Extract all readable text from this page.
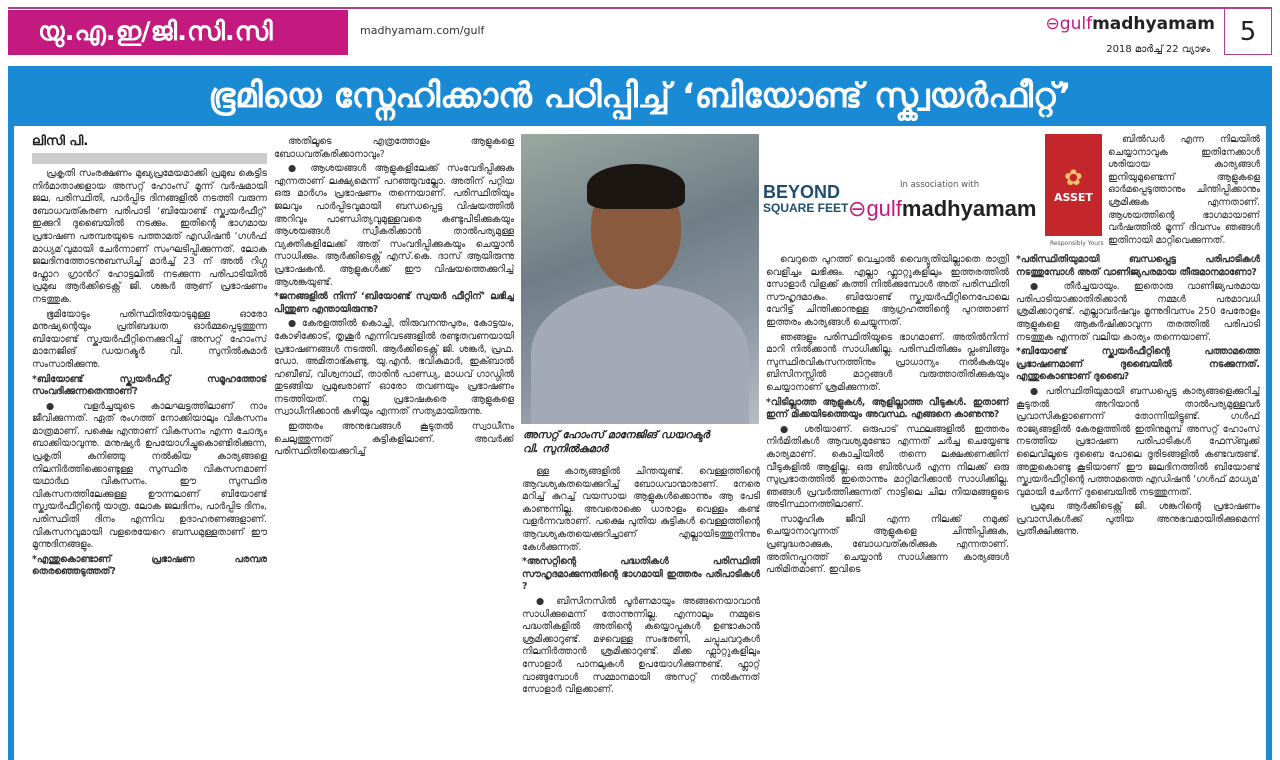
യു.എ.ഇ/ജി.സി.സി	madhyamam.com/gulf	⊖gulfmadhyamam
2018 മാർച്ച് 22 വ്യാഴം
5
ഭൂമിയെ സ്നേഹിക്കാൻ പഠിപ്പിച്ച് ‘ബിയോണ്ട് സ്ക്വയർഫീറ്റ്’
ലിസി പി.

പ്രകൃതി സംരക്ഷണം മുഖ്യപ്രമേയമാക്കി പ്രമുഖ കെട്ടിട നിർമാതാക്കളായ അസറ്റ് ഹോംസ് മൂന്ന് വർഷമായി ജല, പരിസ്ഥിതി, പാർപ്പിട ദിനങ്ങളിൽ നടത്തി വരുന്ന ബോധവത്കരണ പരിപാടി ‘ബിയോണ്ട് സ്ക്വയർഫീറ്റ്’ ഇക്കുറി ദുബൈയിൽ നടക്കും. ഇതിന്റെ ഭാഗമായ പ്രഭാഷണ പരമ്പരയുടെ പത്താമത് എഡിഷൻ ‘ഗൾഫ് മാധ്യമ’വുമായി ചേർന്നാണ് സംഘടിപ്പിക്കുന്നത്. ലോക ജലദിനത്തോടനുബന്ധിച്ച് മാർച്ച് 23 ന് അൽ റിഗ്ഗ ഫ്ലോറ ഗ്രാൻറ് ഹോട്ടലിൽ നടക്കുന്ന പരിപാടിയിൽ പ്രമുഖ ആർക്കിടെക്റ്റ് ജി. ശങ്കർ ആണ് പ്രഭാഷണം നടത്തുക.

ഭൂമിയോടും പരിസ്ഥിതിയോടുമുള്ള ഓരോ മനുഷ്യന്റെയും പ്രതിബദ്ധത ഓർമ്മപ്പെടുത്തുന്ന ബിയോണ്ട് സ്ക്വയർഫീറ്റിനെക്കുറിച്ച് അസറ്റ് ഹോംസ് മാനേജിങ് ഡയറക്ടർ വി. സുനിൽകുമാർ സംസാരിക്കുന്നു.

*ബിയോണ്ട് സ്ക്വയർഫീറ്റ് സമൂഹത്തോട് സംവദിക്കുന്നതെന്താണ്?

● വളർച്ചയുടെ കാലഘട്ടത്തിലാണ് നാം ജീവിക്കുന്നത്. ഏത് രംഗത്ത് നോക്കിയാലും വികസനം മാത്രമാണ്. പക്ഷെ എന്താണ് വികസനം എന്ന ചോദ്യം ബാക്കിയാവുന്നു. മനുഷ്യർ ഉപയോഗിച്ചുകൊണ്ടിരിക്കുന്ന, പ്രകൃതി കനിഞ്ഞു നൽകിയ കാര്യങ്ങളെ നിലനിർത്തിക്കൊണ്ടുള്ള സുസ്ഥിര വികസനമാണ് യഥാർഥ വികസനം. ഈ സുസ്ഥിര വികസനത്തിലേക്കുള്ള ഊന്നലാണ് ബിയോണ്ട് സ്ക്വയർഫീറ്റിന്റെ യാത്ര. ലോക ജലദിനം, പാർപ്പിട ദിനം, പരിസ്ഥിതി ദിനം എന്നിവ ഉദാഹരണങ്ങളാണ്. വികസനവുമായി വളരെയേറെ ബന്ധമുള്ളതാണ് ഈ മൂന്നുദിനങ്ങളും.

*എന്തുകൊണ്ടാണ് പ്രഭാഷണ പരമ്പര തെരഞ്ഞെടുത്തത്?

അതിലൂടെ എത്രത്തോളം ആളുകളെ ബോധവത്കരിക്കാനാവും?

● ആശയങ്ങൾ ആളുകളിലേക്ക് സംവേദിപ്പിക്കുക എന്നതാണ് ലക്ഷ്യമെന്ന് പറഞ്ഞുവല്ലോ. അതിന് പറ്റിയ ഒരു മാർഗം പ്രഭാഷണം തന്നെയാണ്. പരിസ്ഥിതിയും ജലവും പാർപ്പിടവുമായി ബന്ധപ്പെട്ട വിഷയത്തിൽ അറിവും പാണ്ഡിത്യവുമുള്ളവരെ കണ്ടുപിടിക്കുകയും ആശയങ്ങൾ സ്വീകരിക്കാൻ താൽപര്യമുള്ള വ്യക്തികളിലേക്ക് അത് സംവദിപ്പിക്കുകയും ചെയ്യാൻ സാധിക്കും. ആർക്കിടെക്റ്റ് എസ്.കെ. ദാസ് ആയിരുന്നു പ്രഭാഷകൻ. ആളുകൾക്ക് ഈ വിഷയത്തെക്കുറിച്ച് ആശങ്കയുണ്ട്.

*ജനങ്ങളിൽ നിന്ന് ‘ബിയോണ്ട് സ്വയർ ഫീറ്റിന്’ ലഭിച്ച പിന്തുണ എന്തായിരുന്നു?

● കേരളത്തിൽ കൊച്ചി, തിരുവനന്തപുരം, കോട്ടയം, കോഴിക്കോട്, തൃശൂർ എന്നിവടങ്ങളിൽ രണ്ടുതവണയായി പ്രഭാഷണങ്ങൾ നടത്തി. ആർക്കിടെക്റ്റ് ജി. ശങ്കർ, പ്രഫ. ഡോ. അമിതാഭ്കുണ്ടു, യു.എൻ. ഭവികുമാർ, ഇക്ബാൽ ഹബീബ്, വിശ്വനാഥ്, താരിൻ പാണ്ഡ്യ, മാധവ് ഗാഡ്ഗിൽ തുടങ്ങിയ പ്രമുഖരാണ് ഓരോ തവണയും പ്രഭാഷണം നടത്തിയത്. നല്ല പ്രഭാഷകരെ ആളുകളെ സ്വാധീനിക്കാൻ കഴിയും എന്നത് സത്യമായിരുന്നു.

ഇത്തരം അനുഭവങ്ങൾ കൂടുതൽ സ്വാധീനം ചെലുത്തുന്നത് കുട്ടികളിലാണ്. അവർക്ക് പരിസ്ഥിതിയെക്കുറിച്ച്

അസറ്റ് ഹോംസ് മാനേജിങ് ഡയറക്ടർ
വി. സുനിൽകുമാർ

ള്ള കാര്യങ്ങളിൽ ചിന്തയുണ്ട്. വെള്ളത്തിന്റെ ആവശ്യകതയെക്കുറിച്ച് ബോധവാന്മാരാണ്. നേരെ മറിച്ച് കുറച്ച് വയസായ ആളുകൾക്കൊന്നും ആ പേടി കാണുന്നില്ല. അവരൊക്കെ ധാരാളം വെള്ളം കണ്ട് വളർന്നവരാണ്. പക്ഷെ പുതിയ കുട്ടികൾ വെള്ളത്തിന്റെ ആവശ്യകതയെക്കുറിച്ചാണ് എല്ലായിടത്തുനിന്നും കേൾക്കുന്നത്.

*അസറ്റിന്റെ പദ്ധതികൾ പരിസ്ഥിതി സൗഹൃദമാക്കുന്നതിന്റെ ഭാഗമായി ഇത്തരം പരിപാടികൾ ?

● ബിസിനസിൽ പൂർണമായും അങ്ങനെയാവാൻ സാധിക്കുമെന്ന് തോന്നുന്നില്ല. എന്നാലും നമ്മുടെ പദ്ധതികളിൽ അതിന്റെ കയ്യൊപ്പുകൾ ഉണ്ടാകാൻ ശ്രമിക്കാറുണ്ട്. മഴവെള്ള സംഭരണി, ചപ്പുചവറുകൾ നിലനിർത്താൻ ശ്രമിക്കാറുണ്ട്. മിക്ക ഫ്ലാറ്റുകളിലും സോളാർ പാനലുകൾ ഉപയോഗിക്കുന്നുണ്ട്. ഫ്ലാറ്റ് വാങ്ങുമ്പോൾ സമ്മാനമായി അസറ്റ് നൽകുന്നത് സോളാർ വിളക്കാണ്.

BEYOND
SQUARE FEET
In association with
⊖gulfmadhyamam
✿
ASSET
Responsibly Yours

വെറുതെ പുറത്ത് വെച്ചാൽ വൈദ്യുതിയില്ലാതെ രാത്രി വെളിച്ചം ലഭിക്കും. എല്ലാ ഫ്ലാറ്റുകളിലും ഇത്തരത്തിൽ സോളാർ വിളക്ക് കത്തി നിൽക്കുമ്പോൾ അത് പരിസ്ഥിതി സൗഹൃദമാകും. ബിയോണ്ട് സ്ക്വയർഫീറ്റിനെപോലെ വേറിട്ട് ചിന്തിക്കാനുള്ള ആഗ്രഹത്തിന്റെ പുറത്താണ് ഇത്തരം കാര്യങ്ങൾ ചെയ്യുന്നത്.

ഞങ്ങളും പരിസ്ഥിതിയുടെ ഭാഗമാണ്. അതിൽനിന്ന് മാറി നിൽക്കാൻ സാധിക്കില്ല. പരിസ്ഥിതിക്കും പ്ലംബിങ്ങും സുസ്ഥിരവികസനത്തിനും പ്രാധാന്യം നൽകുകയും ബിസിനസ്സിൽ മാറ്റങ്ങൾ വരുത്താതിരിക്കുകയും ചെയ്യാനാണ് ശ്രമിക്കുന്നത്.

*വിടില്ലാത്ത ആളുകൾ, ആളില്ലാത്ത വീടുകൾ. ഇതാണ് ഇന്ന് മിക്കയിടത്തെയും അവസ്ഥ. എങ്ങനെ കാണുന്നു?

● ശരിയാണ്. ഒരുപാട് സ്ഥലങ്ങളിൽ ഇത്തരം നിർമിതികൾ ആവശ്യമുണ്ടോ എന്നത് ചർച്ച ചെയ്യേണ്ട കാര്യമാണ്. കൊച്ചിയിൽ തന്നെ ലക്ഷക്കണക്കിന് വീടുകളിൽ ആളില്ല. ഒരു ബിൽഡർ എന്ന നിലക്ക് ഒരു സുപ്രഭാതത്തിൽ ഇതൊന്നും മാറ്റിമറിക്കാൻ സാധിക്കില്ല. ഞങ്ങൾ പ്രവർത്തിക്കുന്നത് നാട്ടിലെ ചില നിയമങ്ങളുടെ അടിസ്ഥാനത്തിലാണ്.

സാമൂഹിക ജീവി എന്ന നിലക്ക് നമുക്ക് ചെയ്യാനാവുന്നത് ആളുകളെ ചിന്തിപ്പിക്കുക, പ്രബുദ്ധരാക്കുക, ബോധവത്കരിക്കുക എന്നതാണ്. അതിനപ്പുറത്ത് ചെയ്യാൻ സാധിക്കുന്ന കാര്യങ്ങൾ പരിമിതമാണ്. ഇവിടെ

ബിൽഡർ എന്ന നിലയിൽ ചെയ്യാനാവുക ഇതിനേക്കാൾ ശരിയായ കാര്യങ്ങൾ ഇനിയുമുണ്ടെന്ന് ആളുകളെ ഓർമപ്പെടുത്താനും ചിന്തിപ്പിക്കാനും ശ്രമിക്കുക എന്നതാണ്. ആശയത്തിന്റെ ഭാഗമായാണ് വർഷത്തിൽ മൂന്ന് ദിവസം ഞങ്ങൾ ഇതിനായി മാറ്റിവെക്കുന്നത്.

*പരിസ്ഥിതിയുമായി ബന്ധപ്പെട്ട പരിപാടികൾ നടത്തുമ്പോൾ അത് വാണിജ്യപരമായ തീരുമാനമാണോ?

● തീർച്ചയായും. ഇതൊരു വാണിജ്യപരമായ പരിപാടിയാക്കാതിരിക്കാൻ നമ്മൾ പരമാവധി ശ്രമിക്കാറുണ്ട്. എല്ലാവർഷവും മൂന്നുദിവസം 250 പേരോളം ആളുകളെ ആകർഷിക്കാവുന്ന തരത്തിൽ പരിപാടി നടത്തുക എന്നത് വലിയ കാര്യം തന്നെയാണ്.

*ബിയോണ്ട് സ്ക്വയർഫീറ്റിന്റെ പത്താമത്തെ പ്രഭാഷണമാണ് ദുബൈയിൽ നടക്കുന്നത്. എന്തുകൊണ്ടാണ് ദുബൈ?

● പരിസ്ഥിതിയുമായി ബന്ധപ്പെട്ട കാര്യങ്ങളെക്കുറിച്ച് കൂടുതൽ അറിയാൻ താൽപര്യമുള്ളവർ പ്രവാസികളാണെന്ന് തോന്നിയിട്ടുണ്ട്. ഗൾഫ് രാജ്യങ്ങളിൽ കേരളത്തിൽ ഇതിനുമുമ്പ് അസറ്റ് ഹോംസ് നടത്തിയ പ്രഭാഷണ പരിപാടികൾ ഫേസ്ബുക്ക് ലൈവിലൂടെ ദുബൈ പോലെ ദൂരിടങ്ങളിൽ കണ്ടവരുണ്ട്. അതുകൊണ്ടു കൂടിയാണ് ഈ ജലദിനത്തിൽ ബിയോണ്ട് സ്ക്വയർഫീറ്റിന്റെ പത്താമത്തെ എഡിഷൻ ‘ഗൾഫ് മാധ്യമ’ വുമായി ചേർന്ന് ദുബൈയിൽ നടത്തുന്നത്.

പ്രമുഖ ആർക്കിടെക്റ്റ് ജി. ശങ്കറിന്റെ പ്രഭാഷണം പ്രവാസികൾക്ക് പുതിയ അനുഭവമായിരിക്കുമെന്ന് പ്രതീക്ഷിക്കുന്നു.
